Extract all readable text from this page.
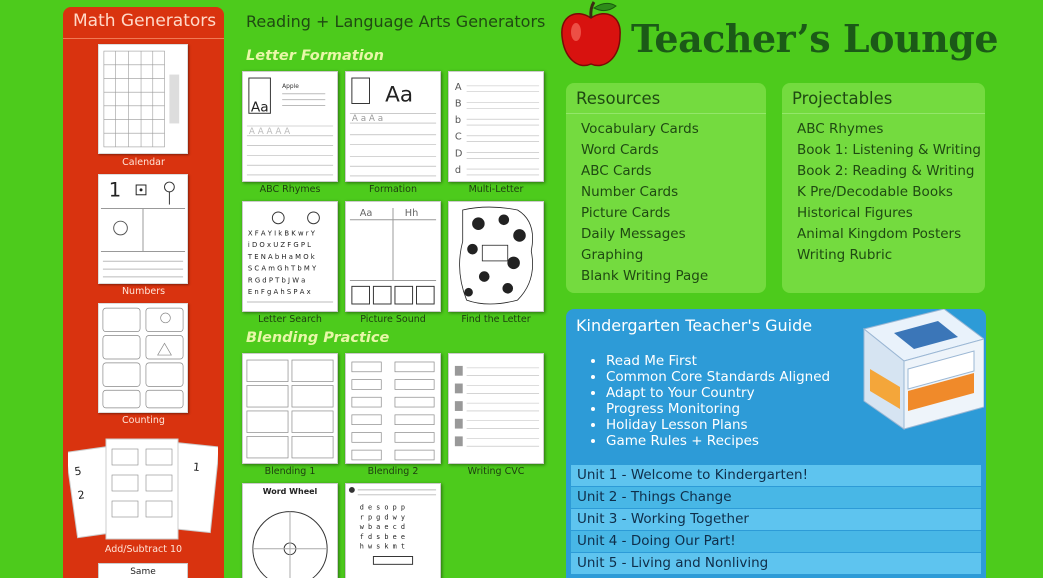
Math Generators
Calendar
1
Numbers
Counting
5
2
1
Add/Subtract 10
Same
Reading + Language Arts Generators
Letter Formation
Aa
Apple
A A A A A
ABC Rhymes
Aa
A a A a
Formation
A
B
b
C
D
d
Multi-Letter
X F A Y I k B K w r Y
i D O x U Z F G P L
T E N A b H a M O k
S C A m G h T b M Y
R G d P T b J W a
E n F g A h S P A x
Letter Search
Aa	Hh
Picture Sound	Find the Letter
Blending Practice
Blending 1	Blending 2	Writing CVC
Word Wheel
d e s o p p
r p g d w y
w b a e c d
f d s b e e
h w s k m t
Teacher’s Lounge
Resources
Vocabulary Cards
Word Cards
ABC Cards
Number Cards
Picture Cards
Daily Messages
Graphing
Blank Writing Page
Projectables
ABC Rhymes
Book 1: Listening & Writing
Book 2: Reading & Writing
K Pre/Decodable Books
Historical Figures
Animal Kingdom Posters
Writing Rubric
Kindergarten Teacher's Guide
• Read Me First
• Common Core Standards Aligned
• Adapt to Your Country
• Progress Monitoring
• Holiday Lesson Plans
• Game Rules + Recipes
Unit 1 - Welcome to Kindergarten!
Unit 2 - Things Change
Unit 3 - Working Together
Unit 4 - Doing Our Part!
Unit 5 - Living and Nonliving
